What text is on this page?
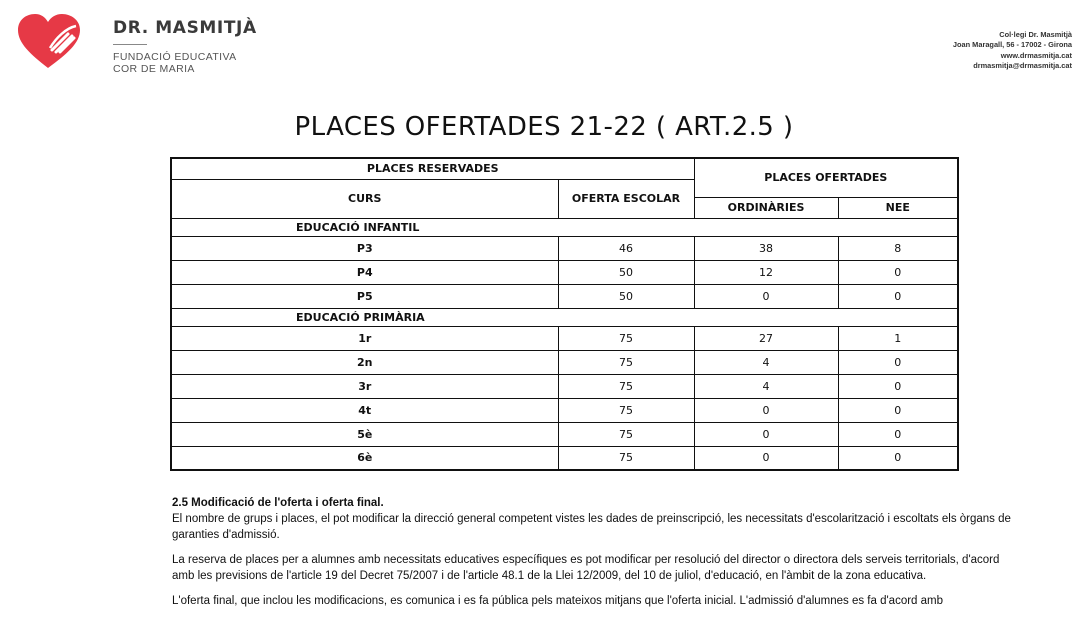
DR. MASMITJÀ
FUNDACIÓ EDUCATIVA
COR DE MARIA
Col·legi Dr. Masmitjà
Joan Maragall, 56 - 17002 - Girona
www.drmasmitja.cat
drmasmitja@drmasmitja.cat
PLACES OFERTADES 21-22 ( ART.2.5 )
PLACES RESERVADES		PLACES OFERTADES	
CURS	OFERTA ESCOLAR		
		ORDINÀRIES	NEE
EDUCACIÓ INFANTIL			
P3	46	38	8
P4	50	12	0
P5	50	0	0
EDUCACIÓ PRIMÀRIA			
1r	75	27	1
2n	75	4	0
3r	75	4	0
4t	75	0	0
5è	75	0	0
6è	75	0	0

2.5 Modificació de l'oferta i oferta final.

El nombre de grups i places, el pot modificar la direcció general competent vistes les dades de preinscripció, les necessitats d'escolarització i escoltats els òrgans de garanties d'admissió.

La reserva de places per a alumnes amb necessitats educatives específiques es pot modificar per resolució del director o directora dels serveis territorials, d'acord amb les previsions de l'article 19 del Decret 75/2007 i de l'article 48.1 de la Llei 12/2009, del 10 de juliol, d'educació, en l'àmbit de la zona educativa.

L'oferta final, que inclou les modificacions, es comunica i es fa pública pels mateixos mitjans que l'oferta inicial. L'admissió d'alumnes es fa d'acord amb
